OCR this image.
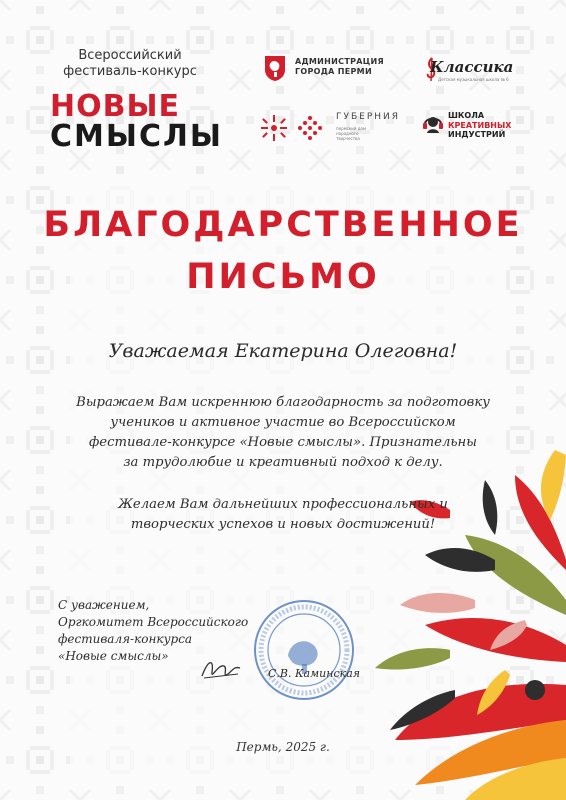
Всероссийский
фестиваль-конкурс
НОВЫЕ
СМЫСЛЫ
АДМИНИСТРАЦИЯ
ГОРОДА ПЕРМИ	Классика
Детская музыкальная школа № 6
ГУБЕРНИЯ
пермский дом
народного
творчества
ШКОЛА
КРЕАТИВНЫХ
ИНДУСТРИЙ
БЛАГОДАРСТВЕННОЕ
ПИСЬМО
Уважаемая Екатерина Олеговна!
Выражаем Вам искреннюю благодарность за подготовку
учеников и активное участие во Всероссийском
фестивале-конкурсе «Новые смыслы». Признательны
за трудолюбие и креативный подход к делу.
Желаем Вам дальнейших профессиональных и
творческих успехов и новых достижений!
С уважением,
Оргкомитет Всероссийского
фестиваля-конкурса
«Новые смыслы»
С.В. Каминская
Пермь, 2025 г.
